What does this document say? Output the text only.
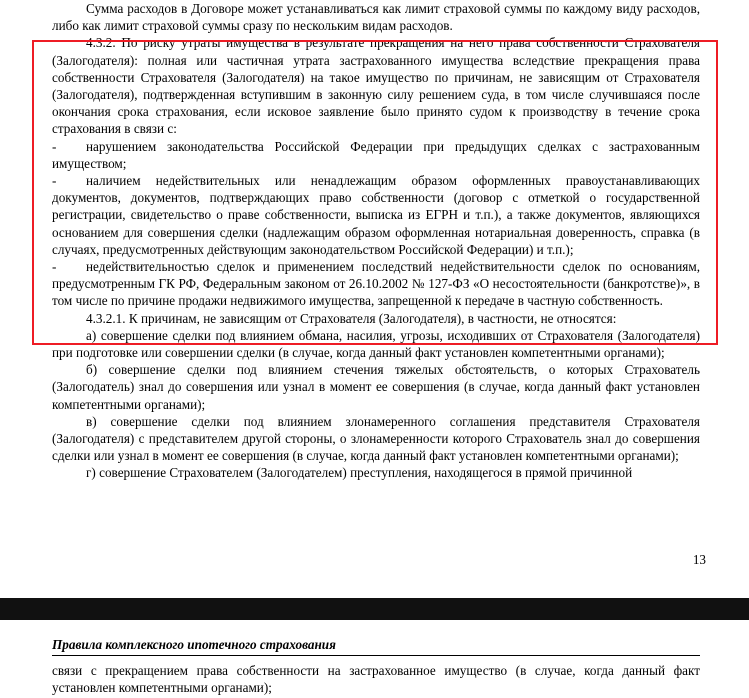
Сумма расходов в Договоре может устанавливаться как лимит страховой суммы по каждому виду расходов, либо как лимит страховой суммы сразу по нескольким видам расходов.

4.3.2. По риску утраты имущества в результате прекращения на него права собственности Страхователя (Залогодателя): полная или частичная утрата застрахованного имущества вследствие прекращения права собственности Страхователя (Залогодателя) на такое имущество по причинам, не зависящим от Страхователя (Залогодателя), подтвержденная вступившим в законную силу решением суда, в том числе случившаяся после окончания срока страхования, если исковое заявление было принято судом к производству в течение срока страхования в связи с:

- нарушением законодательства Российской Федерации при предыдущих сделках с застрахованным имуществом;

- наличием недействительных или ненадлежащим образом оформленных правоустанавливающих документов, документов, подтверждающих право собственности (договор с отметкой о государственной регистрации, свидетельство о праве собственности, выписка из ЕГРН и т.п.), а также документов, являющихся основанием для совершения сделки (надлежащим образом оформленная нотариальная доверенность, справка (в случаях, предусмотренных действующим законодательством Российской Федерации) и т.п.);

- недействительностью сделок и применением последствий недействительности сделок по основаниям, предусмотренным ГК РФ, Федеральным законом от 26.10.2002 № 127-ФЗ «О несостоятельности (банкротстве)», в том числе по причине продажи недвижимого имущества, запрещенной к передаче в частную собственность.

4.3.2.1. К причинам, не зависящим от Страхователя (Залогодателя), в частности, не относятся:

а) совершение сделки под влиянием обмана, насилия, угрозы, исходивших от Страхователя (Залогодателя) при подготовке или совершении сделки (в случае, когда данный факт установлен компетентными органами);

б) совершение сделки под влиянием стечения тяжелых обстоятельств, о которых Страхователь (Залогодатель) знал до совершения или узнал в момент ее совершения (в случае, когда данный факт установлен компетентными органами);

в) совершение сделки под влиянием злонамеренного соглашения представителя Страхователя (Залогодателя) с представителем другой стороны, о злонамеренности которого Страхователь знал до совершения сделки или узнал в момент ее совершения (в случае, когда данный факт установлен компетентными органами);

г) совершение Страхователем (Залогодателем) преступления, находящегося в прямой причинной

13
Правила комплексного ипотечного страхования

связи с прекращением права собственности на застрахованное имущество (в случае, когда данный факт установлен компетентными органами);
